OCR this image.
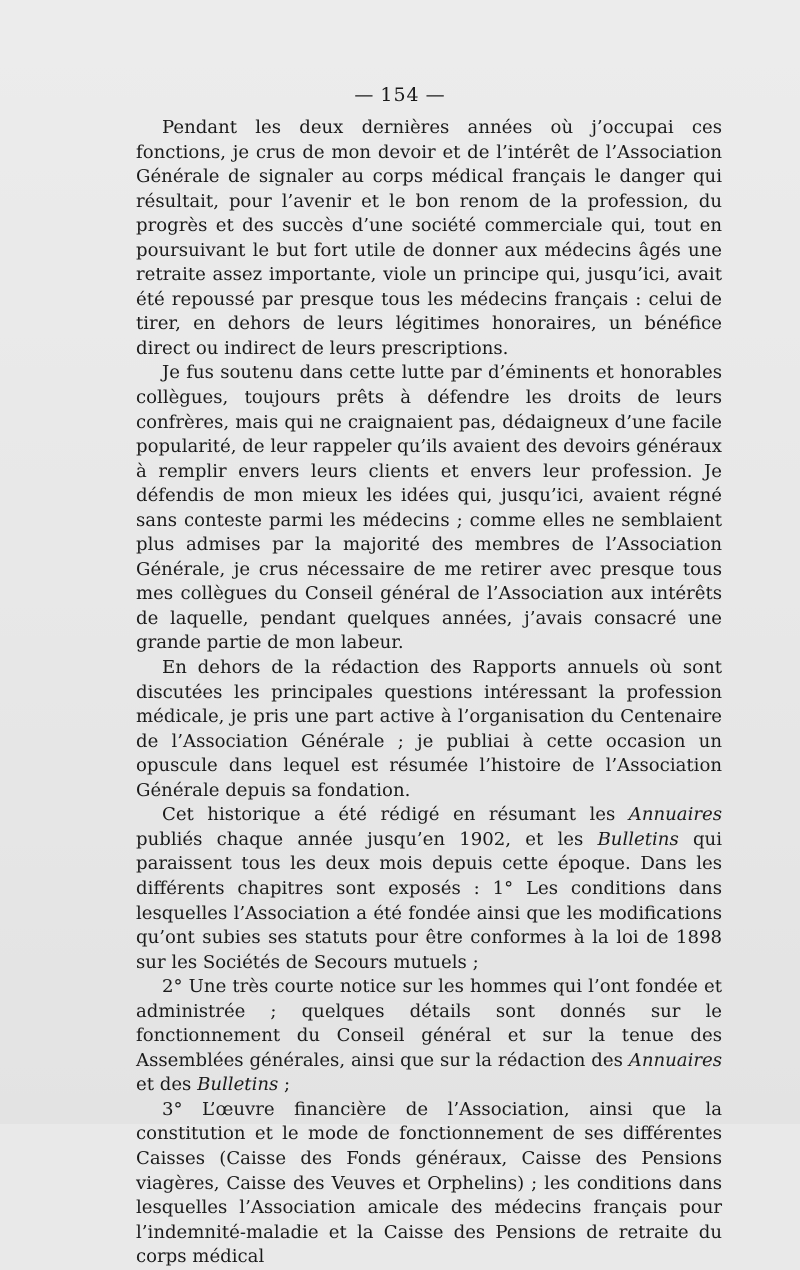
— 154 —

Pendant les deux dernières années où j’occupai ces fonctions, je crus de mon devoir et de l’intérêt de l’Association Générale de signaler au corps médical français le danger qui résultait, pour l’avenir et le bon renom de la profession, du progrès et des succès d’une société commerciale qui, tout en poursuivant le but fort utile de donner aux médecins âgés une retraite assez importante, viole un principe qui, jusqu’ici, avait été repoussé par presque tous les médecins français : celui de tirer, en dehors de leurs légitimes honoraires, un bénéfice direct ou indirect de leurs prescriptions.

Je fus soutenu dans cette lutte par d’éminents et honorables collègues, toujours prêts à défendre les droits de leurs confrères, mais qui ne craignaient pas, dédaigneux d’une facile popularité, de leur rappeler qu’ils avaient des devoirs généraux à remplir envers leurs clients et envers leur profession. Je défendis de mon mieux les idées qui, jusqu’ici, avaient régné sans conteste parmi les médecins ; comme elles ne semblaient plus admises par la majorité des membres de l’Association Générale, je crus nécessaire de me retirer avec presque tous mes collègues du Conseil général de l’Association aux intérêts de laquelle, pendant quelques années, j’avais consacré une grande partie de mon labeur.

En dehors de la rédaction des Rapports annuels où sont discutées les principales questions intéressant la profession médicale, je pris une part active à l’organisation du Centenaire de l’Association Générale ; je publiai à cette occasion un opuscule dans lequel est résumée l’histoire de l’Association Générale depuis sa fondation.

Cet historique a été rédigé en résumant les Annuaires publiés chaque année jusqu’en 1902, et les Bulletins qui paraissent tous les deux mois depuis cette époque. Dans les différents chapitres sont exposés : 1° Les conditions dans lesquelles l’Association a été fondée ainsi que les modifications qu’ont subies ses statuts pour être conformes à la loi de 1898 sur les Sociétés de Secours mutuels ;

2° Une très courte notice sur les hommes qui l’ont fondée et administrée ; quelques détails sont donnés sur le fonctionnement du Conseil général et sur la tenue des Assemblées générales, ainsi que sur la rédaction des Annuaires et des Bulletins ;

3° L’œuvre financière de l’Association, ainsi que la constitution et le mode de fonctionnement de ses différentes Caisses (Caisse des Fonds généraux, Caisse des Pensions viagères, Caisse des Veuves et Orphelins) ; les conditions dans lesquelles l’Association amicale des médecins français pour l’indemnité-maladie et la Caisse des Pensions de retraite du corps médical
